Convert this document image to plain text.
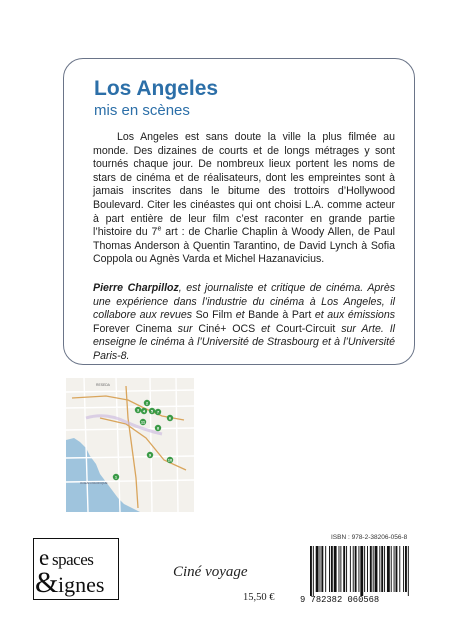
Los Angeles
mis en scènes

Los Angeles est sans doute la ville la plus filmée au monde. Des dizaines de courts et de longs métrages y sont tournés chaque jour. De nombreux lieux portent les noms de stars de cinéma et de réalisateurs, dont les empreintes sont à jamais inscrites dans le bitume des trottoirs d’Hollywood Boulevard. Citer les cinéastes qui ont choisi L.A. comme acteur à part entière de leur film c’est raconter en grande partie l’histoire du 7e art : de Charlie Chaplin à Woody Allen, de Paul Thomas Anderson à Quentin Tarantino, de David Lynch à Sofia Coppola ou Agnès Varda et Michel Hazanavicius.

Pierre Charpilloz, est journaliste et critique de cinéma. Après une expérience dans l’industrie du cinéma à Los Angeles, il collabore aux revues So Film et Bande à Part et aux émissions Forever Cinema sur Ciné+ OCS et Court-Circuit sur Arte. Il enseigne le cinéma à l’Université de Strasbourg et à l’Université Paris-8.

RESEDA
OCEAN PACIFIQUE
2
3 4 5 7
6
11
8
9
10
1
e spaces
& ignes	Ciné voyage
15,50 €
ISBN : 978-2-38206-056-8
9 782382 060568
